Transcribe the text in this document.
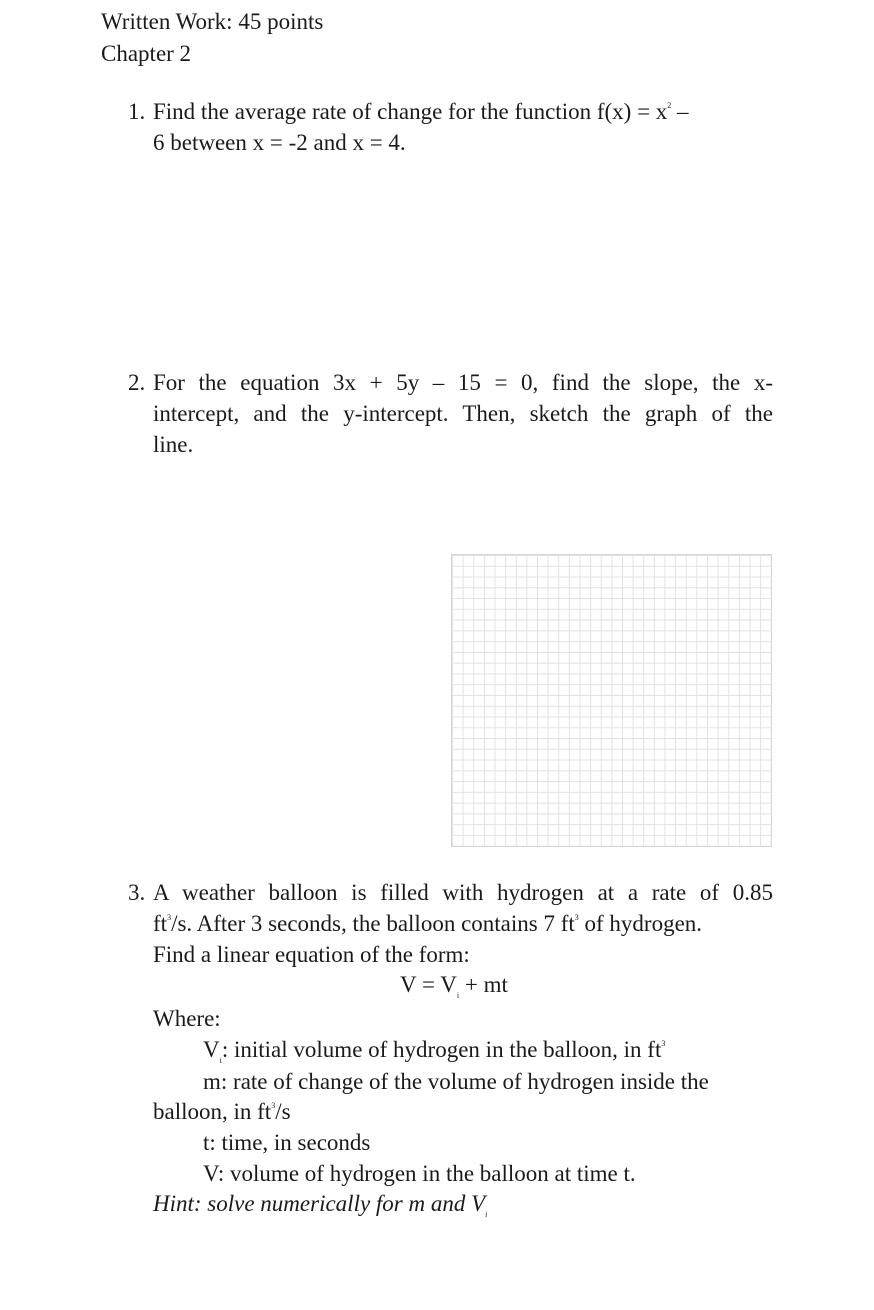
Written Work: 45 points
Chapter 2
1. Find the average rate of change for the function $f(x) = x^2$ –
6 between x = -2 and x = 4.
2. For the equation 3x + 5y – 15 = 0, find the slope, the x-
intercept, and the y-intercept. Then, sketch the graph of the
line.
3. A weather balloon is filled with hydrogen at a rate of 0.85
$ft^3/s$. After 3 seconds, the balloon contains 7 $ft^3$ of hydrogen.
Find a linear equation of the form:
$V = V_i$ + mt
Where:
$V_i$: initial volume of hydrogen in the balloon, in $ft^3$
m: rate of change of the volume of hydrogen inside the
balloon, in $ft^3/s$
t: time, in seconds
V: volume of hydrogen in the balloon at time t.
Hint: solve numerically for m and $V_i$
